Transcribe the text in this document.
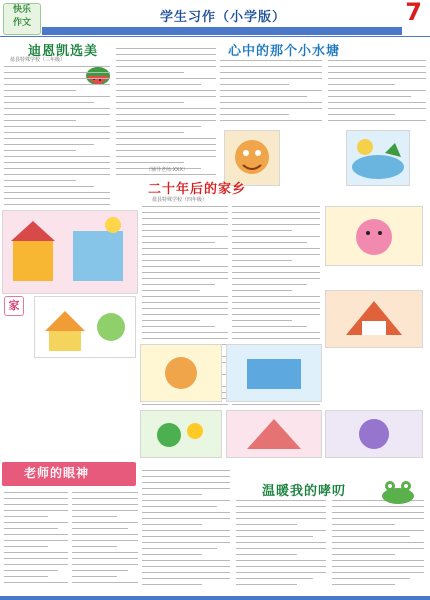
快乐
作文	学生习作（小学版）	7
迪恩凯选美
盐县特殊学校（三年级）
（辅导老师 XXX）
心中的那个小水塘
二十年后的家乡
盐县特殊学校（四年级）
家
老师的眼神
温暖我的哮叨
